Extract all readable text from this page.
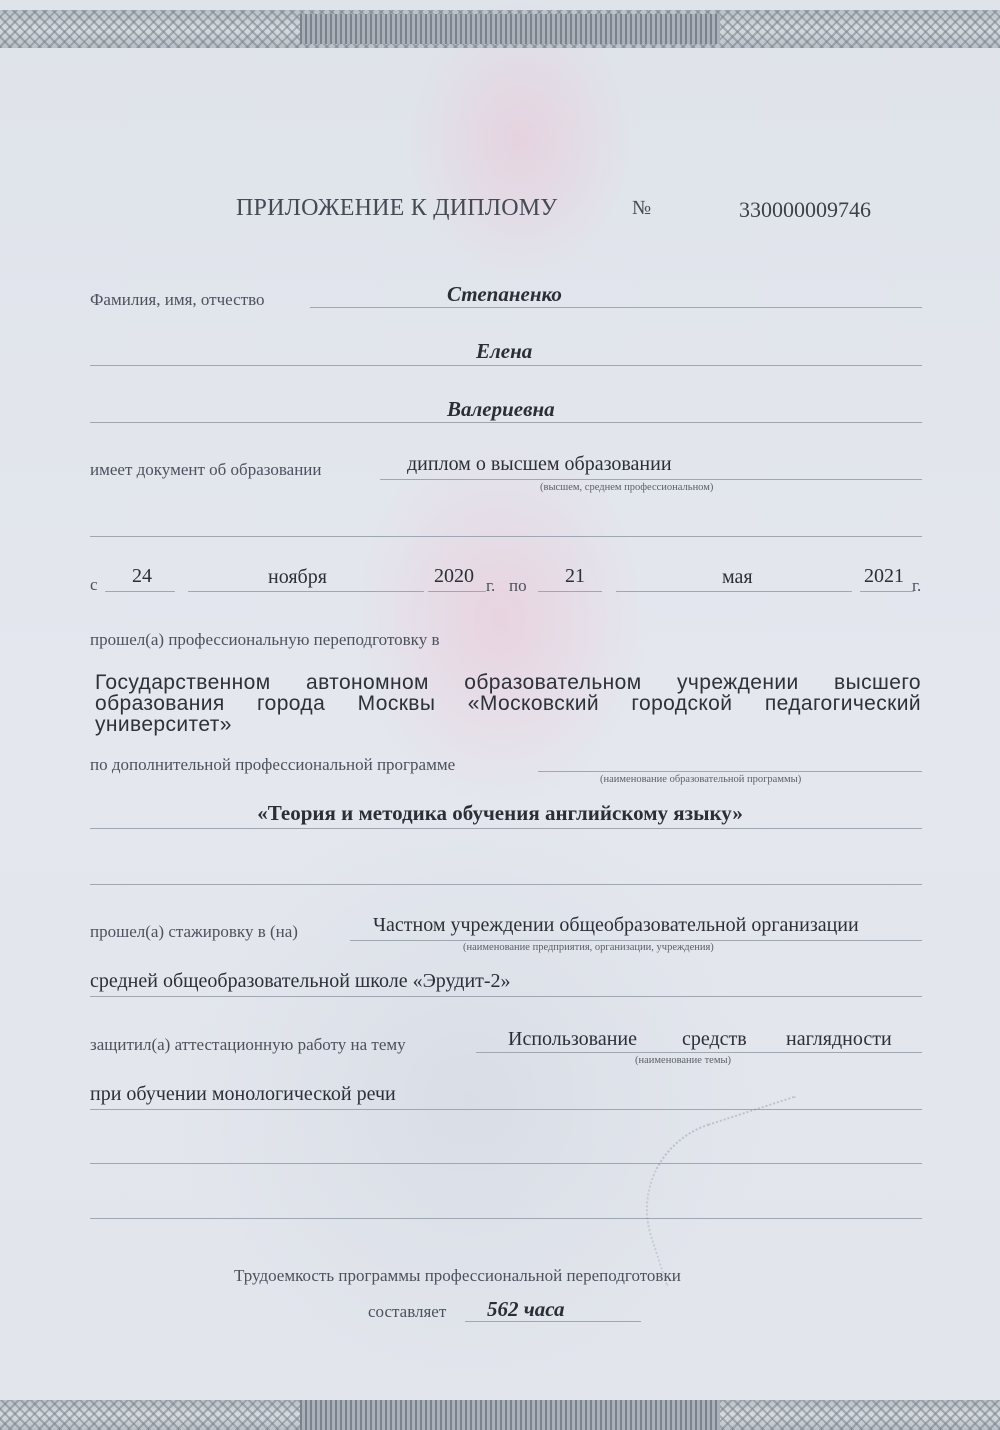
ПРИЛОЖЕНИЕ К ДИПЛОМУ	№	330000009746
Фамилия, имя, отчество	Степаненко
Елена
Валериевна
имеет документ об образовании	диплом о высшем образовании
(высшем, среднем профессиональном)
с 24	ноября	2020 г. по 21	мая	2021 г.
прошел(а) профессиональную переподготовку в
Государственном автономном образовательном учреждении высшего образования города Москвы «Московский городской педагогический университет»
по дополнительной профессиональной программе
(наименование образовательной программы)
«Теория и методика обучения английскому языку»
прошел(а) стажировку в (на)	Частном учреждении общеобразовательной организации
(наименование предприятия, организации, учреждения)
средней общеобразовательной школе «Эрудит-2»
защитил(а) аттестационную работу на тему	Использование средств наглядности
(наименование темы)
при обучении монологической речи
Трудоемкость программы профессиональной переподготовки
составляет 562 часа
